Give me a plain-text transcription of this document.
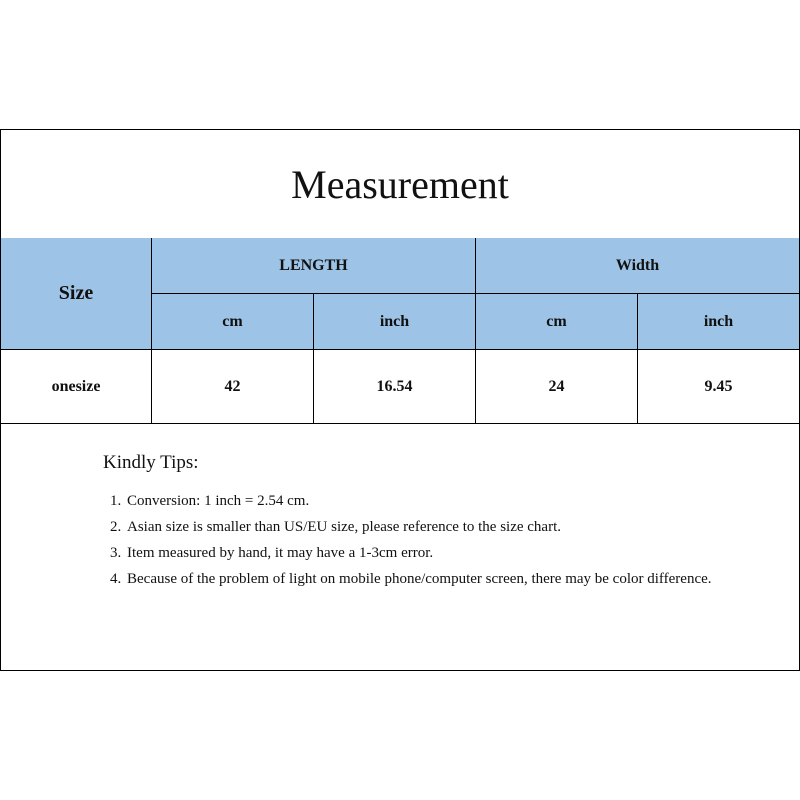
Measurement
Size
LENGTH	Width
cm	inch	cm	inch
onesize	42	16.54	24	9.45
Kindly Tips:
1. Conversion: 1 inch = 2.54 cm.
2. Asian size is smaller than US/EU size, please reference to the size chart.
3. Item measured by hand, it may have a 1-3cm error.
4. Because of the problem of light on mobile phone/computer screen, there may be color difference.
